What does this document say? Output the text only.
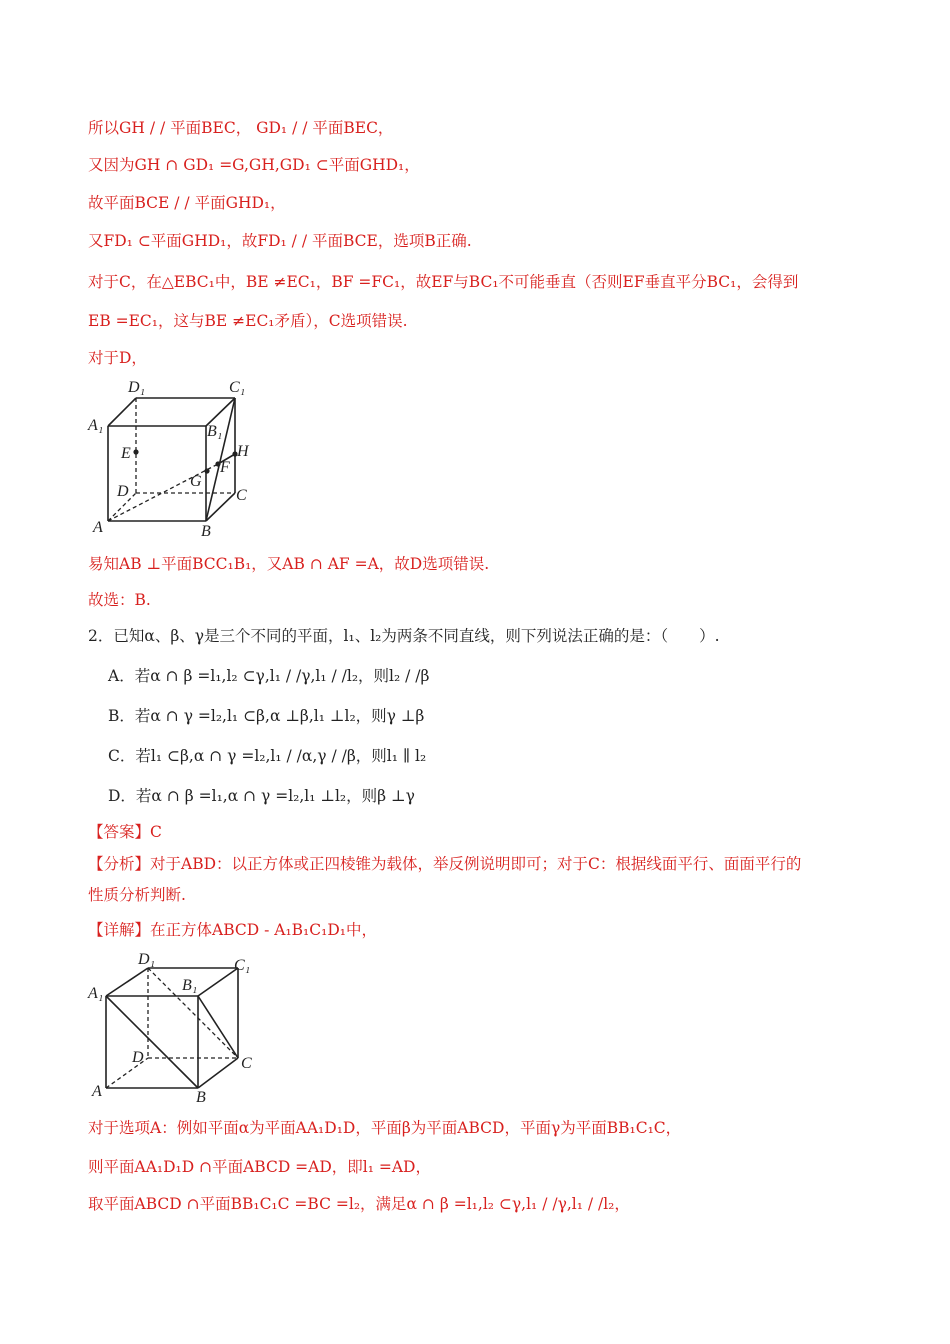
所以GH / / 平面BEC， GD₁ / / 平面BEC，
又因为GH ∩ GD₁ =G,GH,GD₁ ⊂平面GHD₁，
故平面BCE / / 平面GHD₁，
又FD₁ ⊂平面GHD₁，故FD₁ / / 平面BCE，选项B正确.
对于C，在△EBC₁中，BE ≠EC₁，BF =FC₁，故EF与BC₁不可能垂直（否则EF垂直平分BC₁，会得到
EB =EC₁，这与BE ≠EC₁矛盾），C选项错误.
对于D，
D₁	C₁
A₁	B₁
E	H
F
G
D	C
A	B
易知AB ⊥平面BCC₁B₁，又AB ∩ AF =A，故D选项错误.
故选：B.
2．已知α、β、γ是三个不同的平面，l₁、l₂为两条不同直线，则下列说法正确的是：（　　）.
A．若α ∩ β =l₁,l₂ ⊂γ,l₁ / /γ,l₁ / /l₂，则l₂ / /β
B．若α ∩ γ =l₂,l₁ ⊂β,α ⊥β,l₁ ⊥l₂，则γ ⊥β
C．若l₁ ⊂β,α ∩ γ =l₂,l₁ / /α,γ / /β，则l₁ ∥ l₂
D．若α ∩ β =l₁,α ∩ γ =l₂,l₁ ⊥l₂，则β ⊥γ
【答案】C
【分析】对于ABD：以正方体或正四棱锥为载体，举反例说明即可；对于C：根据线面平行、面面平行的
性质分析判断.
【详解】在正方体ABCD - A₁B₁C₁D₁中，
D₁	C₁
A₁	B₁
D	C
A	B
对于选项A：例如平面α为平面AA₁D₁D，平面β为平面ABCD，平面γ为平面BB₁C₁C，
则平面AA₁D₁D ∩平面ABCD =AD，即l₁ =AD，
取平面ABCD ∩平面BB₁C₁C =BC =l₂，满足α ∩ β =l₁,l₂ ⊂γ,l₁ / /γ,l₁ / /l₂，
